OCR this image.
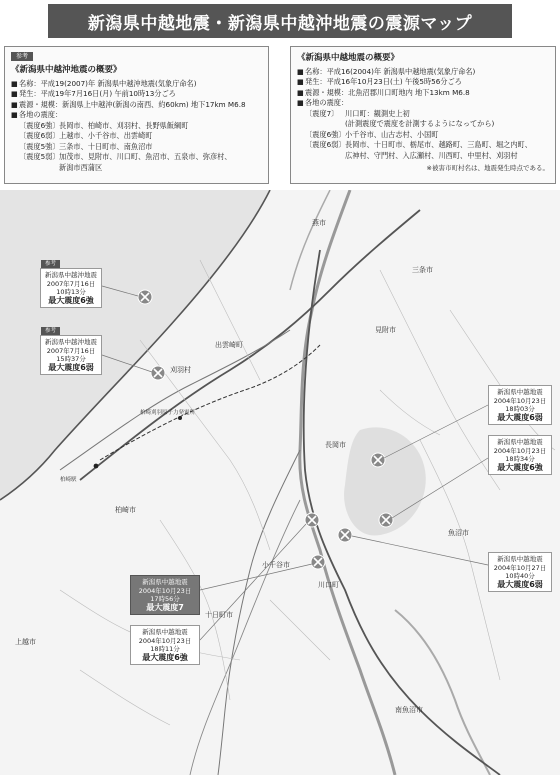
新潟県中越地震・新潟県中越沖地震の震源マップ
参考
《新潟県中越沖地震の概要》
■ 名称：平成19(2007)年 新潟県中越沖地震(気象庁命名)
■ 発生：平成19年7月16日(月) 午前10時13分ごろ
■ 震源・規模：新潟県上中越沖(新潟の南西、約60km) 地下17km M6.8
■ 各地の震度：
〔震度6強〕 長岡市、柏崎市、刈羽村、長野県飯綱町
〔震度6弱〕 上越市、小千谷市、出雲崎町
〔震度5強〕 三条市、十日町市、南魚沼市
〔震度5弱〕 加茂市、見附市、川口町、魚沼市、五泉市、弥彦村、
新潟市西蒲区
《新潟県中越地震の概要》
■ 名称：平成16(2004)年 新潟県中越地震(気象庁命名)
■ 発生：平成16年10月23日(土) 午後5時56分ごろ
■ 震源・規模：北魚沼郡川口町地内 地下13km M6.8
■ 各地の震度：
〔震度7〕 川口町：観測史上初
(計測震度で震度を計測するようになってから)
〔震度6強〕 小千谷市、山古志村、小国町
〔震度6弱〕 長岡市、十日町市、栃尾市、越路町、三島町、堀之内町、
広神村、守門村、入広瀬村、川西町、中里村、刈羽村
※被害市町村名は、地震発生時点である。
燕市
三条市
見附市
出雲崎町
刈羽村
柏崎刈羽原子力発電所
柏崎駅
長岡市
柏崎市
魚沼市
小千谷市
川口町
十日町市
上越市
南魚沼市
参考
新潟県中越沖地震
2007年7月16日
10時13分
最大震度6強
参考
新潟県中越沖地震
2007年7月16日
15時37分
最大震度6弱
新潟県中越地震
2004年10月23日
18時03分
最大震度6弱
新潟県中越地震
2004年10月23日
18時34分
最大震度6強
新潟県中越地震
2004年10月27日
10時40分
最大震度6弱
新潟県中越地震
2004年10月23日
17時56分
最大震度7
新潟県中越地震
2004年10月23日
18時11分
最大震度6強
